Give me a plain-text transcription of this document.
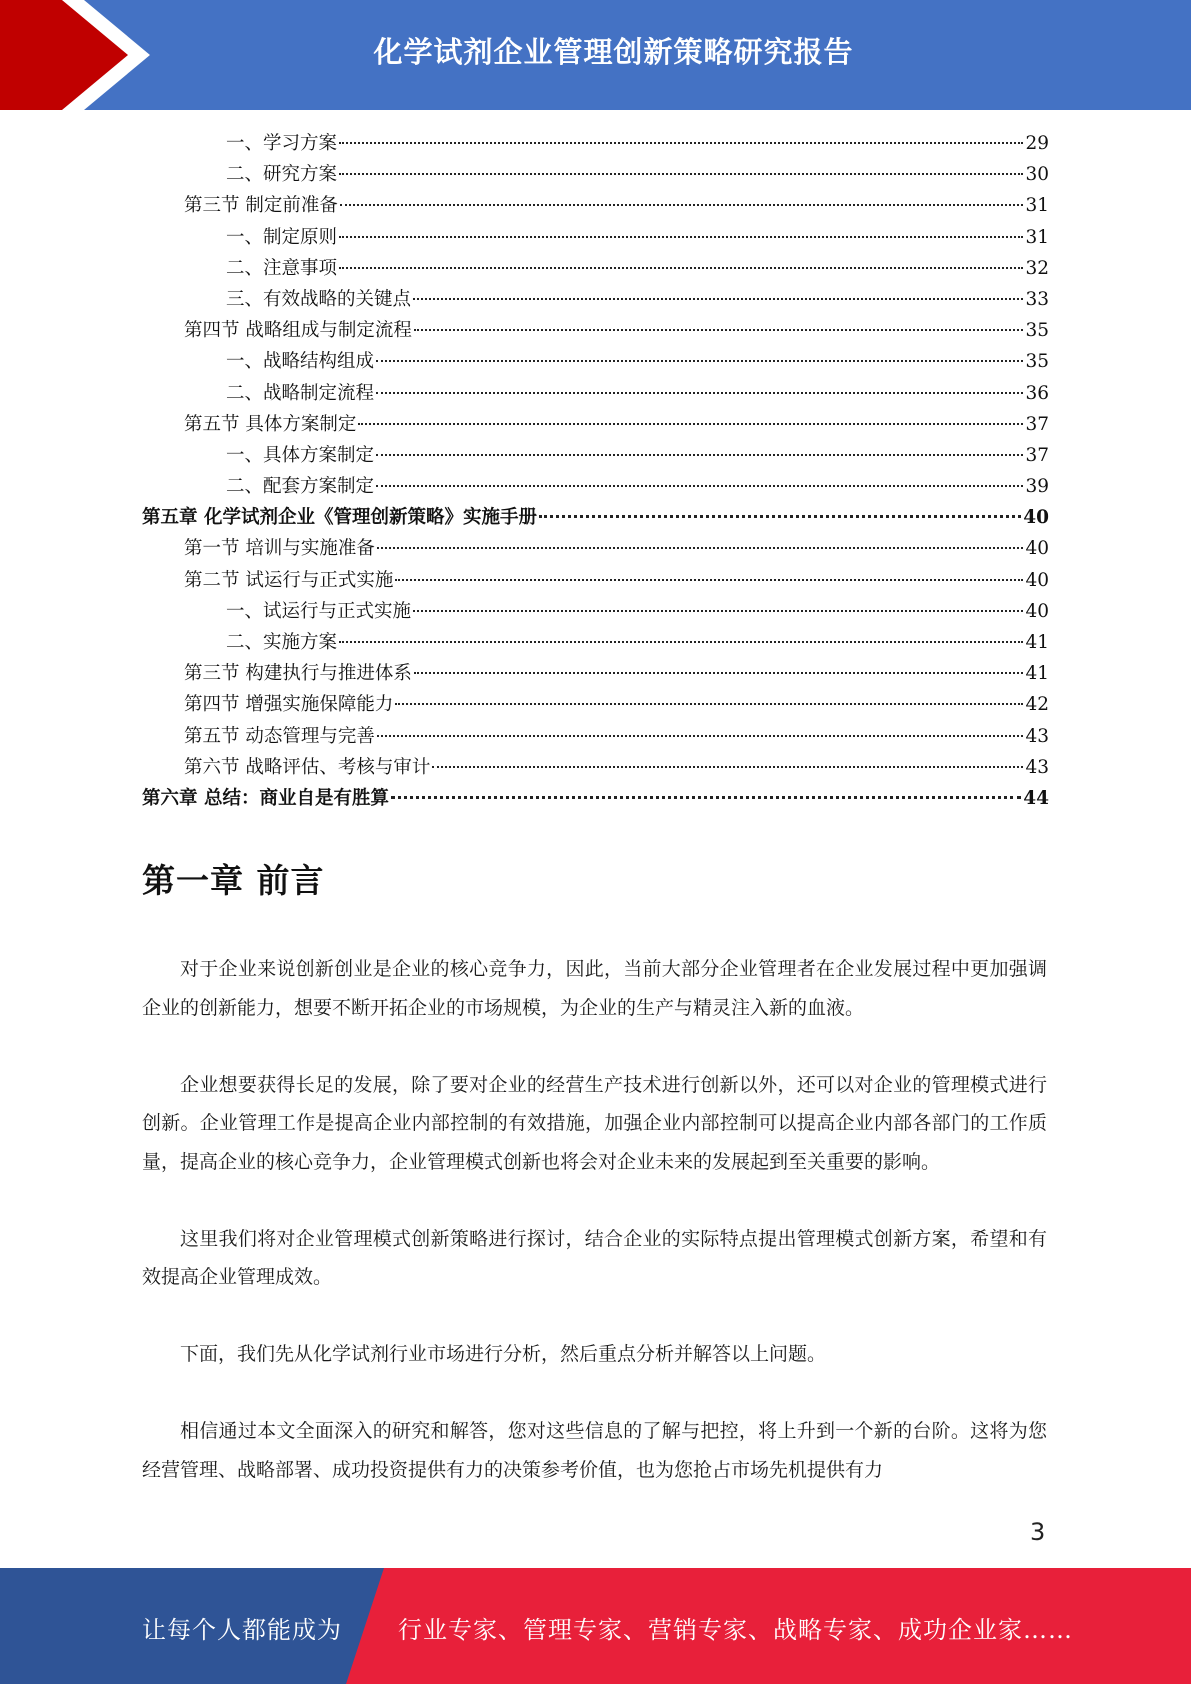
化学试剂企业管理创新策略研究报告
一、学习方案	29
二、研究方案	30
第三节 制定前准备	31
一、制定原则	31
二、注意事项	32
三、有效战略的关键点	33
第四节 战略组成与制定流程	35
一、战略结构组成	35
二、战略制定流程	36
第五节 具体方案制定	37
一、具体方案制定	37
二、配套方案制定	39
第五章 化学试剂企业《管理创新策略》实施手册	40
第一节 培训与实施准备	40
第二节 试运行与正式实施	40
一、试运行与正式实施	40
二、实施方案	41
第三节 构建执行与推进体系	41
第四节 增强实施保障能力	42
第五节 动态管理与完善	43
第六节 战略评估、考核与审计	43
第六章 总结：商业自是有胜算	44
第一章 前言

对于企业来说创新创业是企业的核心竞争力，因此，当前大部分企业管理者在企业发展过程中更加强调企业的创新能力，想要不断开拓企业的市场规模，为企业的生产与精灵注入新的血液。

企业想要获得长足的发展，除了要对企业的经营生产技术进行创新以外，还可以对企业的管理模式进行创新。企业管理工作是提高企业内部控制的有效措施，加强企业内部控制可以提高企业内部各部门的工作质量，提高企业的核心竞争力，企业管理模式创新也将会对企业未来的发展起到至关重要的影响。

这里我们将对企业管理模式创新策略进行探讨，结合企业的实际特点提出管理模式创新方案，希望和有效提高企业管理成效。

下面，我们先从化学试剂行业市场进行分析，然后重点分析并解答以上问题。

相信通过本文全面深入的研究和解答，您对这些信息的了解与把控，将上升到一个新的台阶。这将为您经营管理、战略部署、成功投资提供有力的决策参考价值，也为您抢占市场先机提供有力

3
让每个人都能成为 行业专家、管理专家、营销专家、战略专家、成功企业家……
